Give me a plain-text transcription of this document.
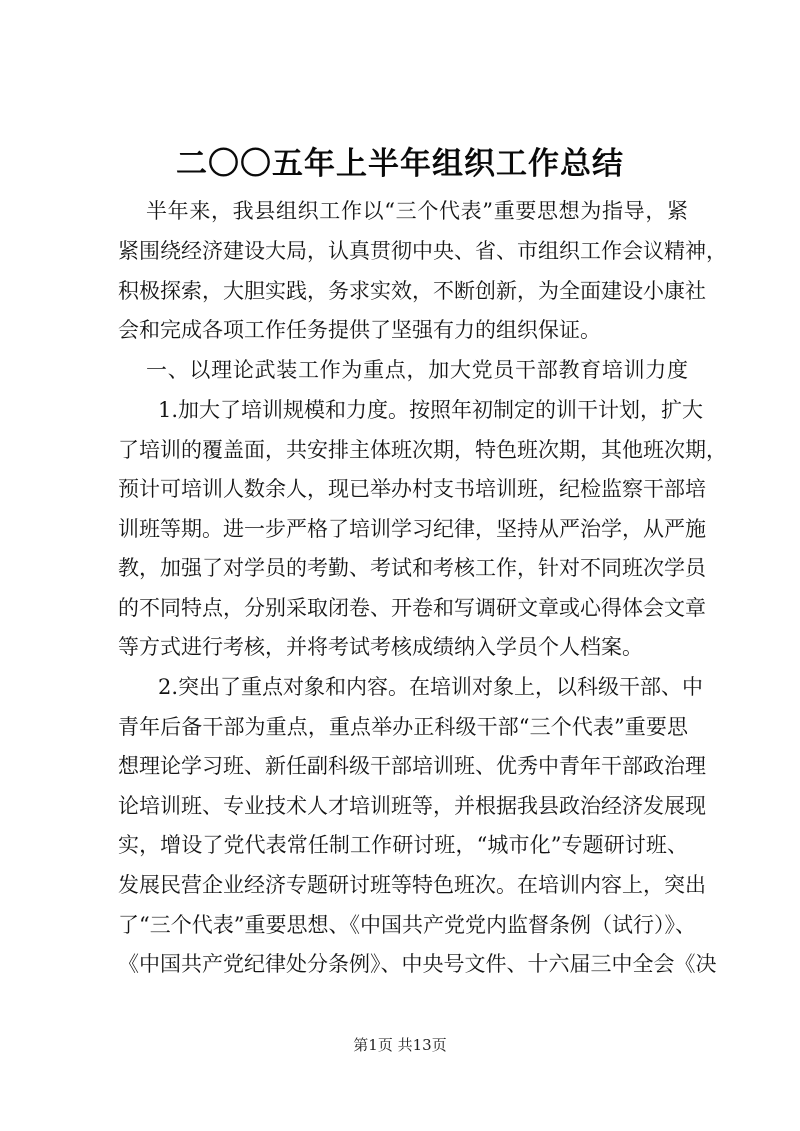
二〇〇五年上半年组织工作总结
半年来，我县组织工作以“三个代表”重要思想为指导，紧
紧围绕经济建设大局，认真贯彻中央、省、市组织工作会议精神，
积极探索，大胆实践，务求实效，不断创新，为全面建设小康社
会和完成各项工作任务提供了坚强有力的组织保证。
一、以理论武装工作为重点，加大党员干部教育培训力度
1.加大了培训规模和力度。按照年初制定的训干计划，扩大
了培训的覆盖面，共安排主体班次期，特色班次期，其他班次期，
预计可培训人数余人，现已举办村支书培训班，纪检监察干部培
训班等期。进一步严格了培训学习纪律，坚持从严治学，从严施
教，加强了对学员的考勤、考试和考核工作，针对不同班次学员
的不同特点，分别采取闭卷、开卷和写调研文章或心得体会文章
等方式进行考核，并将考试考核成绩纳入学员个人档案。
2.突出了重点对象和内容。在培训对象上，以科级干部、中
青年后备干部为重点，重点举办正科级干部“三个代表”重要思
想理论学习班、新任副科级干部培训班、优秀中青年干部政治理
论培训班、专业技术人才培训班等，并根据我县政治经济发展现
实，增设了党代表常任制工作研讨班，“城市化”专题研讨班、
发展民营企业经济专题研讨班等特色班次。在培训内容上，突出
了“三个代表”重要思想、《中国共产党党内监督条例（试行）》、
《中国共产党纪律处分条例》、中央号文件、十六届三中全会《决
第1页 共13页
